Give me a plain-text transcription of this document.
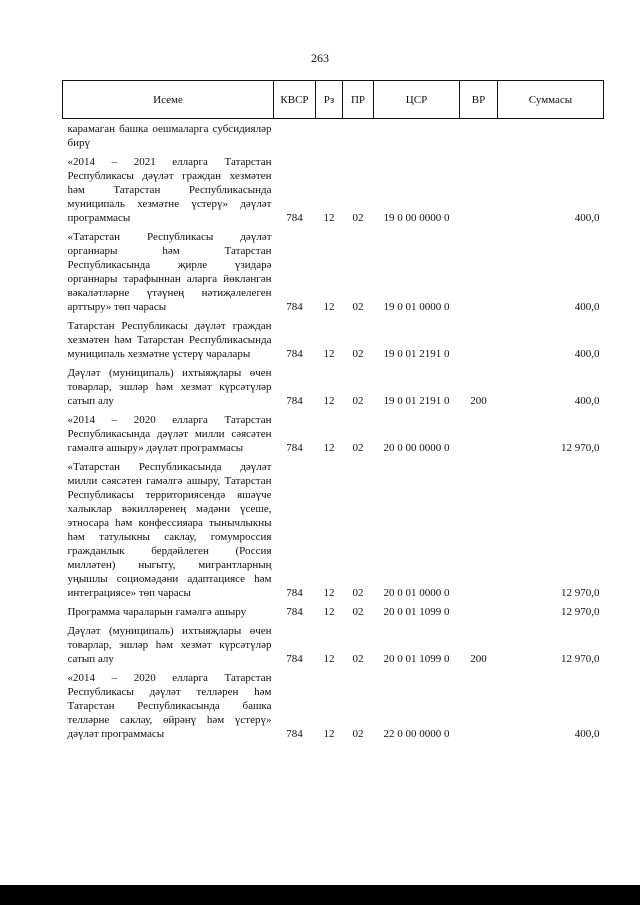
263
Исеме	КВСР	Рз	ПР	ЦСР	ВР	Суммасы
карамаган башка оешмаларга субсидияләр бирү						
«2014 – 2021 елларга Татарстан Республикасы дәүләт граждан хезмәтен һәм Татарстан Республикасында муниципаль хезмәтне үстерү» дәүләт программасы	784	12	02	19 0 00 0000 0		400,0
«Татарстан Республикасы дәүләт органнары һәм Татарстан Республикасында җирле үзидарә органнары тарафыннан аларга йөкләнгән вәкаләтләрне үтәүнең нәтиҗәлелеген арттыру» төп чарасы	784	12	02	19 0 01 0000 0		400,0
Татарстан Республикасы дәүләт граждан хезмәтен һәм Татарстан Республикасында муниципаль хезмәтне үстерү чаралары	784	12	02	19 0 01 2191 0		400,0
Дәүләт (муниципаль) ихтыяҗлары өчен товарлар, эшләр һәм хезмәт күрсәтүләр сатып алу	784	12	02	19 0 01 2191 0	200	400,0
«2014 – 2020 елларга Татарстан Республикасында дәүләт милли сәясәтен гамәлгә ашыру» дәүләт программасы	784	12	02	20 0 00 0000 0		12 970,0
«Татарстан Республикасында дәүләт милли сәясәтен гамәлгә ашыру, Татарстан Республикасы территориясендә яшәүче халыклар вәкилләренең мәдәни үсеше, этносара һәм конфессияара тынычлыкны һәм татулыкны саклау, гомумроссия гражданлык бердәйлеген (Россия милләтен) ныгыту, мигрантларның уңышлы социомәдәни адаптациясе һәм интеграциясе» төп чарасы	784	12	02	20 0 01 0000 0		12 970,0
Программа чараларын гамәлгә ашыру	784	12	02	20 0 01 1099 0		12 970,0
Дәүләт (муниципаль) ихтыяҗлары өчен товарлар, эшләр һәм хезмәт күрсәтүләр сатып алу	784	12	02	20 0 01 1099 0	200	12 970,0
«2014 – 2020 елларга Татарстан Республикасы дәүләт телләрен һәм Татарстан Республикасында башка телләрне саклау, өйрәнү һәм үстерү» дәүләт программасы	784	12	02	22 0 00 0000 0		400,0
